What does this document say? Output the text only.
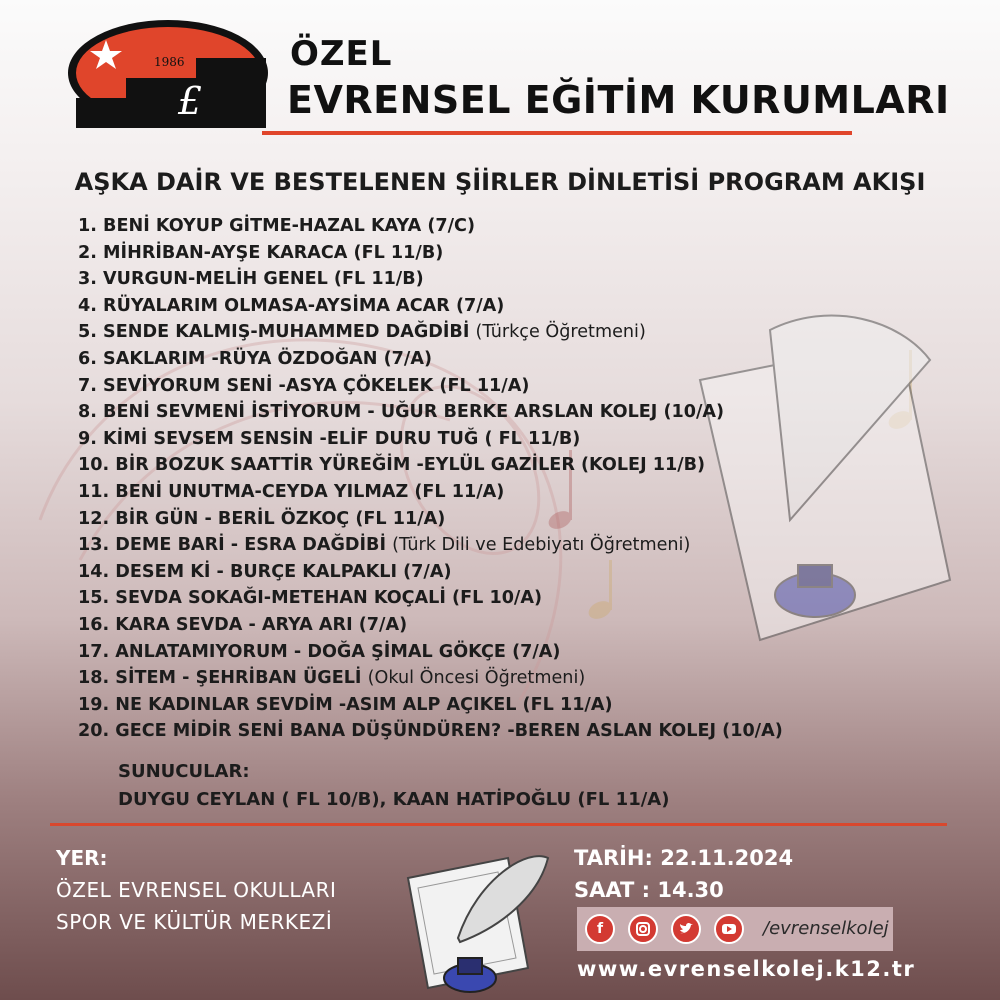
1986
£
ÖZEL
EVRENSEL EĞİTİM KURUMLARI
AŞKA DAİR VE BESTELENEN ŞİİRLER DİNLETİSİ PROGRAM AKIŞI
1. BENİ KOYUP GİTME-HAZAL KAYA (7/C)
2. MİHRİBAN-AYŞE KARACA (FL 11/B)
3. VURGUN-MELİH GENEL (FL 11/B)
4. RÜYALARIM OLMASA-AYSİMA ACAR (7/A)
5. SENDE KALMIŞ-MUHAMMED DAĞDİBİ (Türkçe Öğretmeni)
6. SAKLARIM -RÜYA ÖZDOĞAN (7/A)
7. SEVİYORUM SENİ -ASYA ÇÖKELEK (FL 11/A)
8. BENİ SEVMENİ İSTİYORUM - UĞUR BERKE ARSLAN KOLEJ (10/A)
9. KİMİ SEVSEM SENSİN -ELİF DURU TUĞ ( FL 11/B)
10. BİR BOZUK SAATTİR YÜREĞİM -EYLÜL GAZİLER (KOLEJ 11/B)
11. BENİ UNUTMA-CEYDA YILMAZ (FL 11/A)
12. BİR GÜN - BERİL ÖZKOÇ (FL 11/A)
13. DEME BARİ - ESRA DAĞDİBİ (Türk Dili ve Edebiyatı Öğretmeni)
14. DESEM Kİ - BURÇE KALPAKLI (7/A)
15. SEVDA SOKAĞI-METEHAN KOÇALİ (FL 10/A)
16. KARA SEVDA - ARYA ARI (7/A)
17. ANLATAMIYORUM - DOĞA ŞİMAL GÖKÇE (7/A)
18. SİTEM - ŞEHRİBAN ÜGELİ (Okul Öncesi Öğretmeni)
19. NE KADINLAR SEVDİM -ASIM ALP AÇIKEL (FL 11/A)
20. GECE MİDİR SENİ BANA DÜŞÜNDÜREN? -BEREN ASLAN KOLEJ (10/A)
SUNUCULAR:
DUYGU CEYLAN ( FL 10/B), KAAN HATİPOĞLU (FL 11/A)
YER:
ÖZEL EVRENSEL OKULLARI
SPOR VE KÜLTÜR MERKEZİ
TARİH: 22.11.2024
SAAT : 14.30
f	/evrenselkolej
www.evrenselkolej.k12.tr
